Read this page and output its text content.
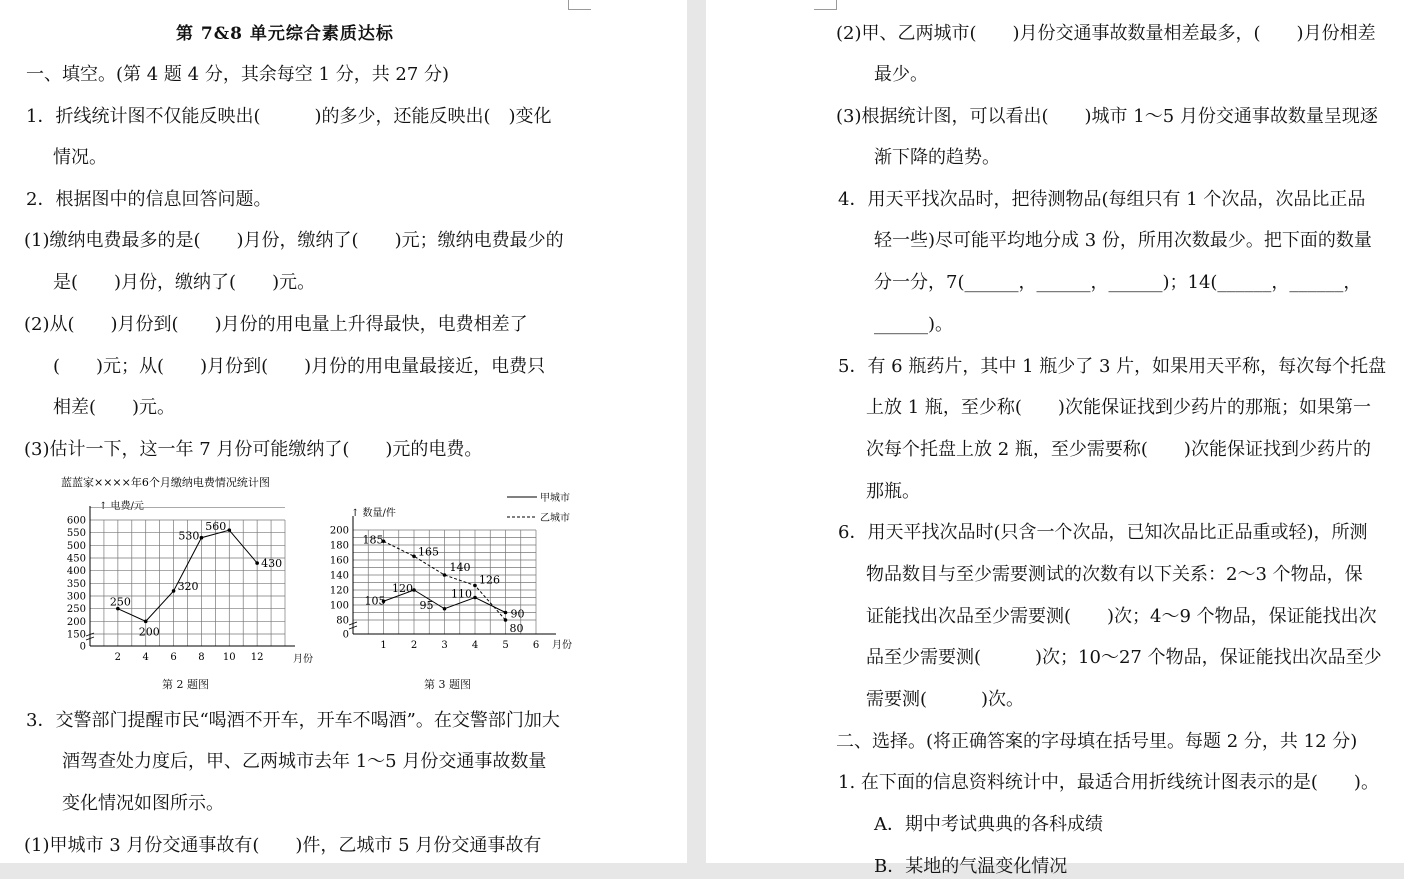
第 7&8 单元综合素质达标
一、填空。(第 4 题 4 分，其余每空 1 分，共 27 分)
1．折线统计图不仅能反映出(　　　)的多少，还能反映出(　)变化
情况。
2．根据图中的信息回答问题。
(1)缴纳电费最多的是(　　)月份，缴纳了(　　)元；缴纳电费最少的
是(　　)月份，缴纳了(　　)元。
(2)从(　　)月份到(　　)月份的用电量上升得最快，电费相差了
(　　)元；从(　　)月份到(　　)月份的用电量最接近，电费只
相差(　　)元。
(3)估计一下，这一年 7 月份可能缴纳了(　　)元的电费。
蓝蓝家××××年6个月缴纳电费情况统计图
↑ 电费/元
0
150
200
250
300
350
400
450
500
550
600
2 4 6 8 10 12	月份
250
200
320
530
560
430
↑ 数量/件
甲城市
乙城市
0
80
100
120
140
160
180
200
1 2 3 4 5 6 月份
105
120
95
110
90
185
165
140
126
80
第 2 题图	第 3 题图
3．交警部门提醒市民“喝酒不开车，开车不喝酒”。在交警部门加大
酒驾查处力度后，甲、乙两城市去年 1～5 月份交通事故数量
变化情况如图所示。
(1)甲城市 3 月份交通事故有(　　)件，乙城市 5 月份交通事故有
(2)甲、乙两城市(　　)月份交通事故数量相差最多，(　　)月份相差
最少。
(3)根据统计图，可以看出(　　)城市 1～5 月份交通事故数量呈现逐
渐下降的趋势。
4．用天平找次品时，把待测物品(每组只有 1 个次品，次品比正品
轻一些)尽可能平均地分成 3 份，所用次数最少。把下面的数量
分一分，7(______，______，______)；14(______，______，
______)。
5．有 6 瓶药片，其中 1 瓶少了 3 片，如果用天平称，每次每个托盘
上放 1 瓶，至少称(　　)次能保证找到少药片的那瓶；如果第一
次每个托盘上放 2 瓶，至少需要称(　　)次能保证找到少药片的
那瓶。
6．用天平找次品时(只含一个次品，已知次品比正品重或轻)，所测
物品数目与至少需要测试的次数有以下关系：2～3 个物品，保
证能找出次品至少需要测(　　)次；4～9 个物品，保证能找出次
品至少需要测(　　　)次；10～27 个物品，保证能找出次品至少
需要测(　　　)次。
二、选择。(将正确答案的字母填在括号里。每题 2 分，共 12 分)
1. 在下面的信息资料统计中，最适合用折线统计图表示的是(　　)。
A．期中考试典典的各科成绩
B．某地的气温变化情况
